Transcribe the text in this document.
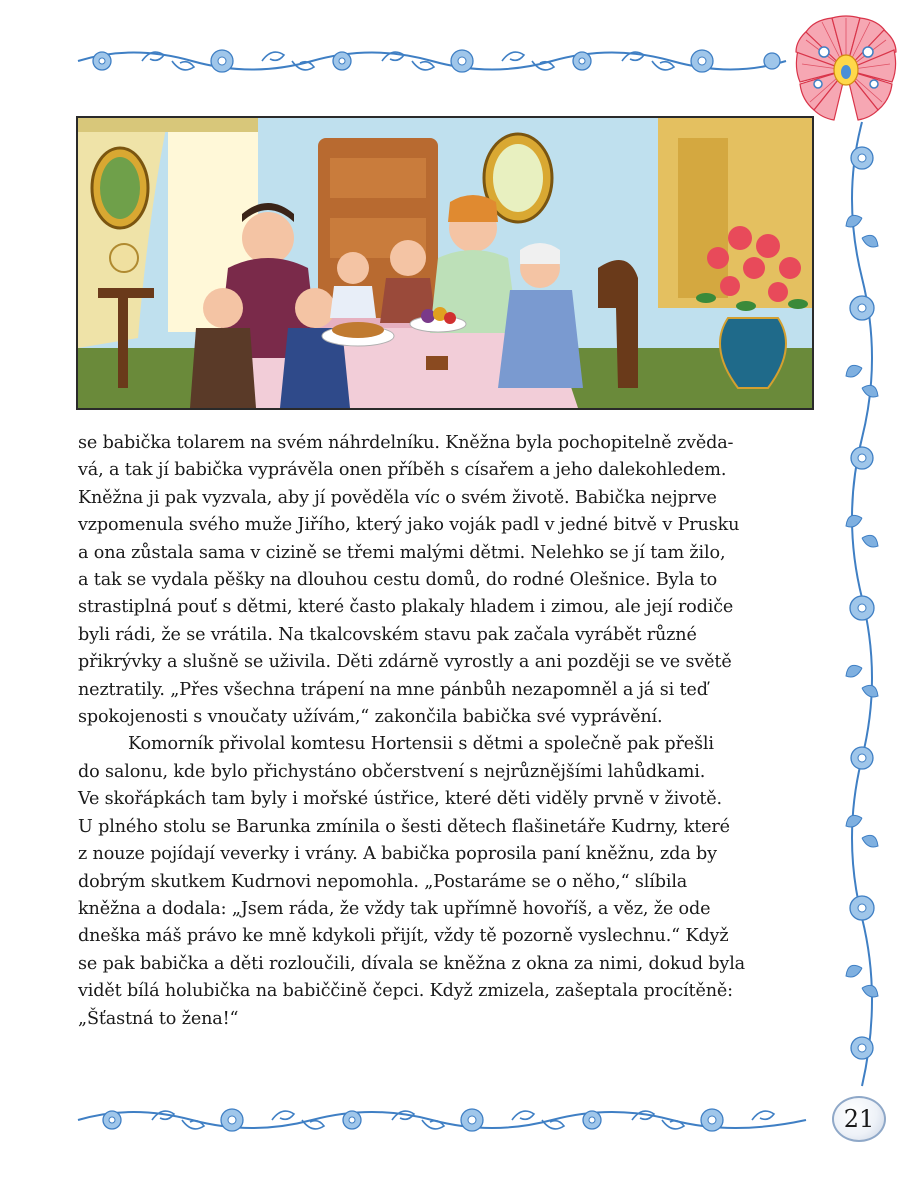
se babička tolarem na svém náhrdelníku. Kněžna byla pochopitelně zvěda-
vá, a tak jí babička vyprávěla onen příběh s císařem a jeho dalekohledem.
Kněžna ji pak vyzvala, aby jí pověděla víc o svém životě. Babička nejprve
vzpomenula svého muže Jiřího, který jako voják padl v jedné bitvě v Prusku
a ona zůstala sama v cizině se třemi malými dětmi. Nelehko se jí tam žilo,
a tak se vydala pěšky na dlouhou cestu domů, do rodné Olešnice. Byla to
strastiplná pouť s dětmi, které často plakaly hladem i zimou, ale její rodiče
byli rádi, že se vrátila. Na tkalcovském stavu pak začala vyrábět různé
přikrývky a slušně se uživila. Děti zdárně vyrostly a ani později se ve světě
neztratily. „Přes všechna trápení na mne pánbůh nezapomněl a já si teď
spokojenosti s vnoučaty užívám,“ zakončila babička své vyprávění.
Komorník přivolal komtesu Hortensii s dětmi a společně pak přešli
do salonu, kde bylo přichystáno občerstvení s nejrůznějšími lahůdkami.
Ve skořápkách tam byly i mořské ústřice, které děti viděly prvně v životě.
U plného stolu se Barunka zmínila o šesti dětech flašinetáře Kudrny, které
z nouze pojídají veverky i vrány. A babička poprosila paní kněžnu, zda by
dobrým skutkem Kudrnovi nepomohla. „Postaráme se o něho,“ slíbila
kněžna a dodala: „Jsem ráda, že vždy tak upřímně hovoříš, a věz, že ode
dneška máš právo ke mně kdykoli přijít, vždy tě pozorně vyslechnu.“ Když
se pak babička a děti rozloučili, dívala se kněžna z okna za nimi, dokud byla
vidět bílá holubička na babiččině čepci. Když zmizela, zašeptala procítěně:
„Šťastná to žena!“
21
